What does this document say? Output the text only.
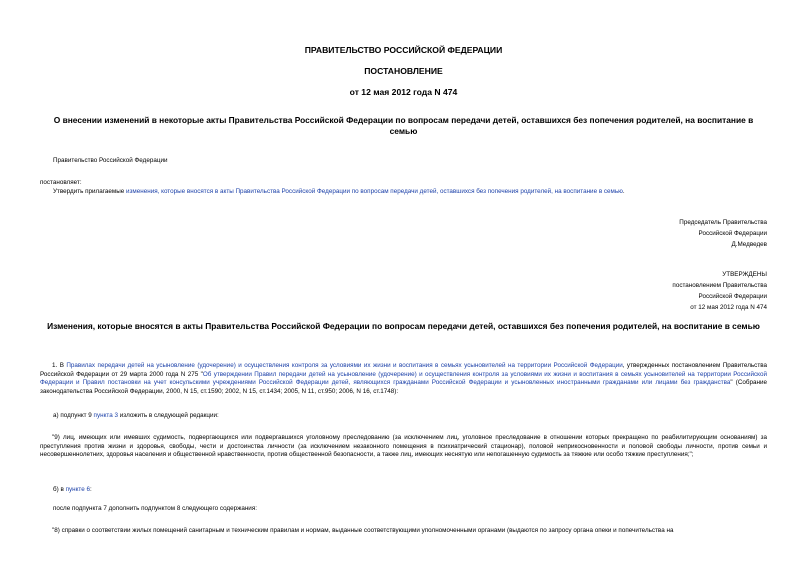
ПРАВИТЕЛЬСТВО РОССИЙСКОЙ ФЕДЕРАЦИИ
ПОСТАНОВЛЕНИЕ
от 12 мая 2012 года N 474
О внесении изменений в некоторые акты Правительства Российской Федерации по вопросам передачи детей, оставшихся без попечения родителей, на воспитание в семью
Правительство Российской Федерации
постановляет:
Утвердить прилагаемые изменения, которые вносятся в акты Правительства Российской Федерации по вопросам передачи детей, оставшихся без попечения родителей, на воспитание в семью.
Председатель Правительства
Российской Федерации
Д.Медведев
УТВЕРЖДЕНЫ
постановлением Правительства
Российской Федерации
от 12 мая 2012 года N 474
Изменения, которые вносятся в акты Правительства Российской Федерации по вопросам передачи детей, оставшихся без попечения родителей, на воспитание в семью
1. В Правилах передачи детей на усыновление (удочерение) и осуществления контроля за условиями их жизни и воспитания в семьях усыновителей на территории Российской Федерации, утвержденных постановлением Правительства Российской Федерации от 29 марта 2000 года N 275 "Об утверждении Правил передачи детей на усыновление (удочерение) и осуществления контроля за условиями их жизни и воспитания в семьях усыновителей на территории Российской Федерации и Правил постановки на учет консульскими учреждениями Российской Федерации детей, являющихся гражданами Российской Федерации и усыновленных иностранными гражданами или лицами без гражданства" (Собрание законодательства Российской Федерации, 2000, N 15, ст.1590; 2002, N 15, ст.1434; 2005, N 11, ст.950; 2006, N 16, ст.1748):
а) подпункт 9 пункта 3 изложить в следующей редакции:
"9) лиц, имеющих или имевших судимость, подвергающихся или подвергавшихся уголовному преследованию (за исключением лиц, уголовное преследование в отношении которых прекращено по реабилитирующим основаниям) за преступления против жизни и здоровья, свободы, чести и достоинства личности (за исключением незаконного помещения в психиатрический стационар), половой неприкосновенности и половой свободы личности, против семьи и несовершеннолетних, здоровья населения и общественной нравственности, против общественной безопасности, а также лиц, имеющих неснятую или непогашенную судимость за тяжкие или особо тяжкие преступления;";
б) в пункте 6:
после подпункта 7 дополнить подпунктом 8 следующего содержания:
"8) справки о соответствии жилых помещений санитарным и техническим правилам и нормам, выданные соответствующими уполномоченными органами (выдаются по запросу органа опеки и попечительства на
